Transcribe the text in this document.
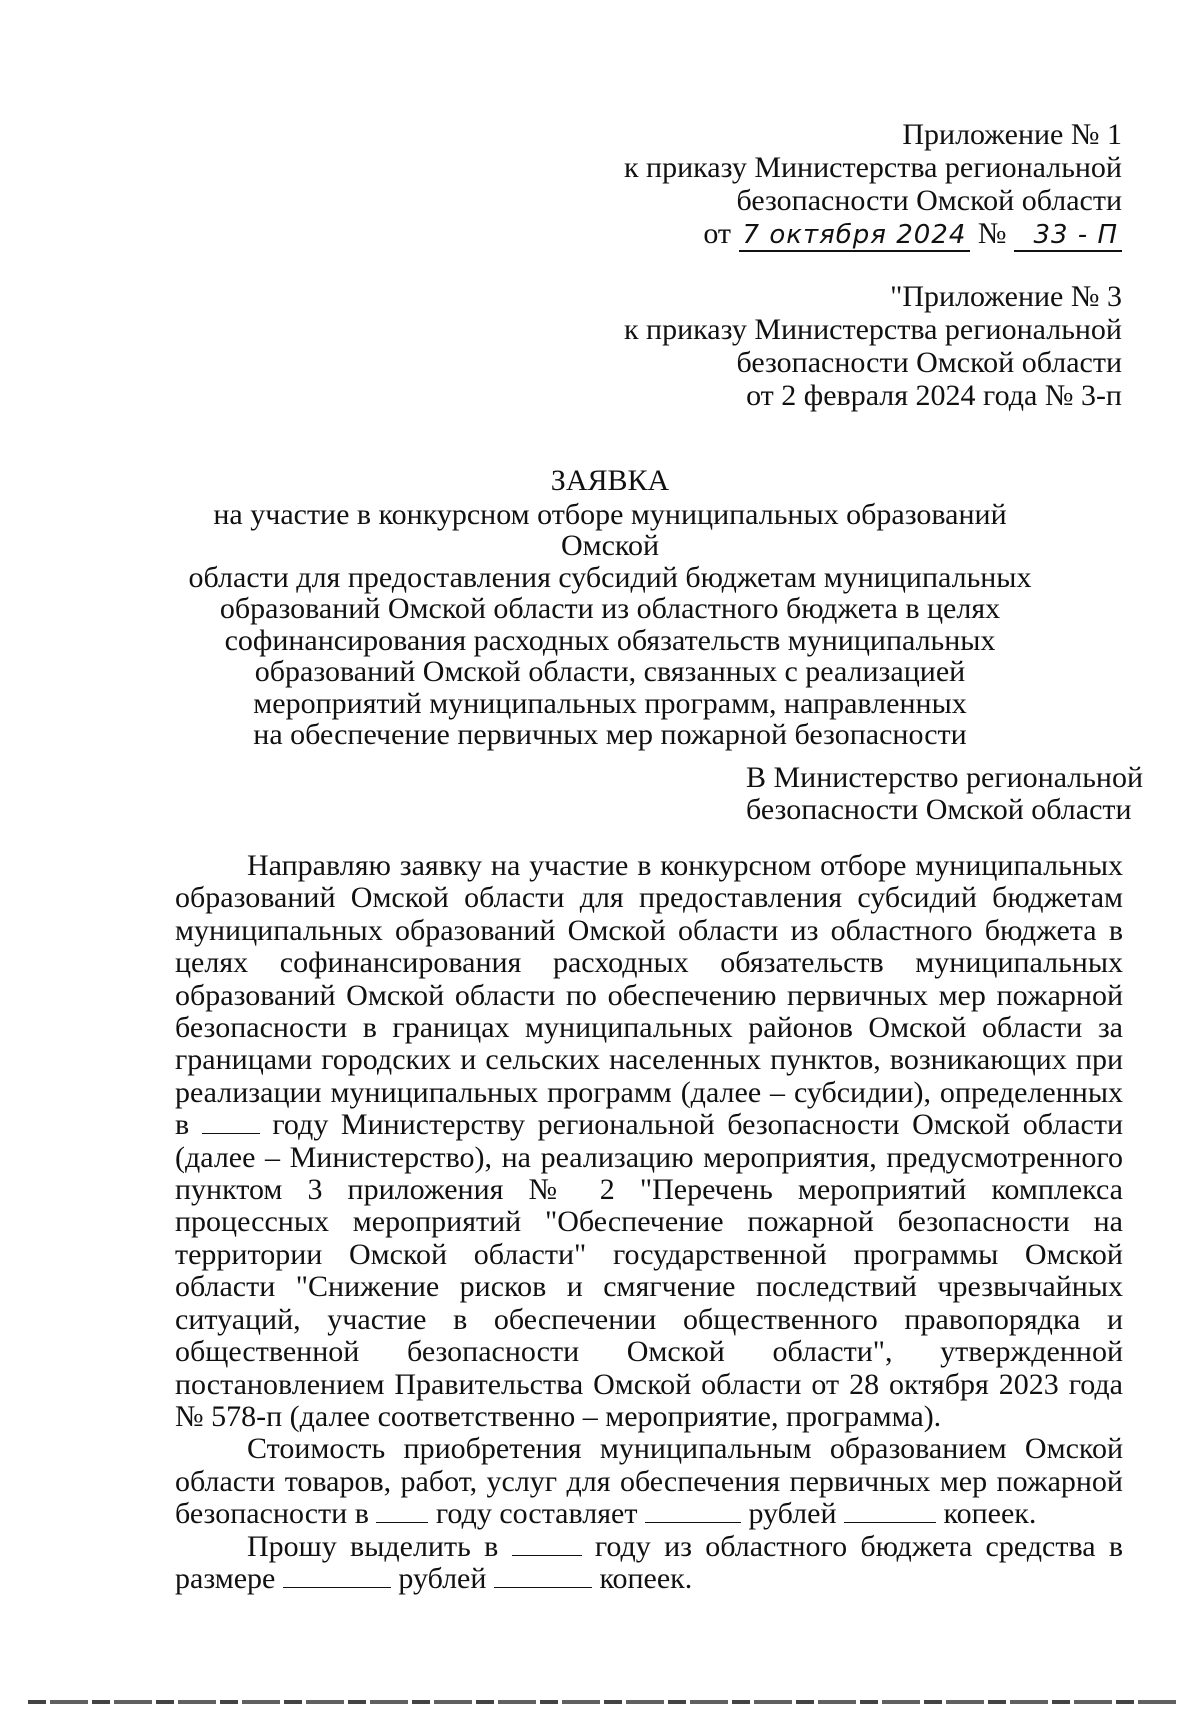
Приложение № 1
к приказу Министерства региональной
безопасности Омской области
от 7 октября 2024 № 33 - П
"Приложение № 3
к приказу Министерства региональной
безопасности Омской области
от 2 февраля 2024 года № 3-п
ЗАЯВКА
на участие в конкурсном отборе муниципальных образований Омской
области для предоставления субсидий бюджетам муниципальных
образований Омской области из областного бюджета в целях
софинансирования расходных обязательств муниципальных
образований Омской области, связанных с реализацией
мероприятий муниципальных программ, направленных
на обеспечение первичных мер пожарной безопасности
В Министерство региональной
безопасности Омской области

Направляю заявку на участие в конкурсном отборе муниципальных образований Омской области для предоставления субсидий бюджетам муниципальных образований Омской области из областного бюджета в целях софинансирования расходных обязательств муниципальных образований Омской области по обеспечению первичных мер пожарной безопасности в границах муниципальных районов Омской области за границами городских и сельских населенных пунктов, возникающих при реализации муниципальных программ (далее – субсидии), определенных в	году Министерству региональной безопасности Омской области (далее – Министерство), на реализацию мероприятия, предусмотренного пунктом 3 приложения № 2 "Перечень мероприятий комплекса процессных мероприятий "Обеспечение пожарной безопасности на территории Омской области" государственной программы Омской области "Снижение рисков и смягчение последствий чрезвычайных ситуаций, участие в обеспечении общественного правопорядка и общественной безопасности Омской области", утвержденной постановлением Правительства Омской области от 28 октября 2023 года № 578-п (далее соответственно – мероприятие, программа).

Стоимость приобретения муниципальным образованием Омской области товаров, работ, услуг для обеспечения первичных мер пожарной безопасности в году составляет	рублей	копеек.

Прошу выделить в	году из областного бюджета средства в размере	рублей	копеек.
